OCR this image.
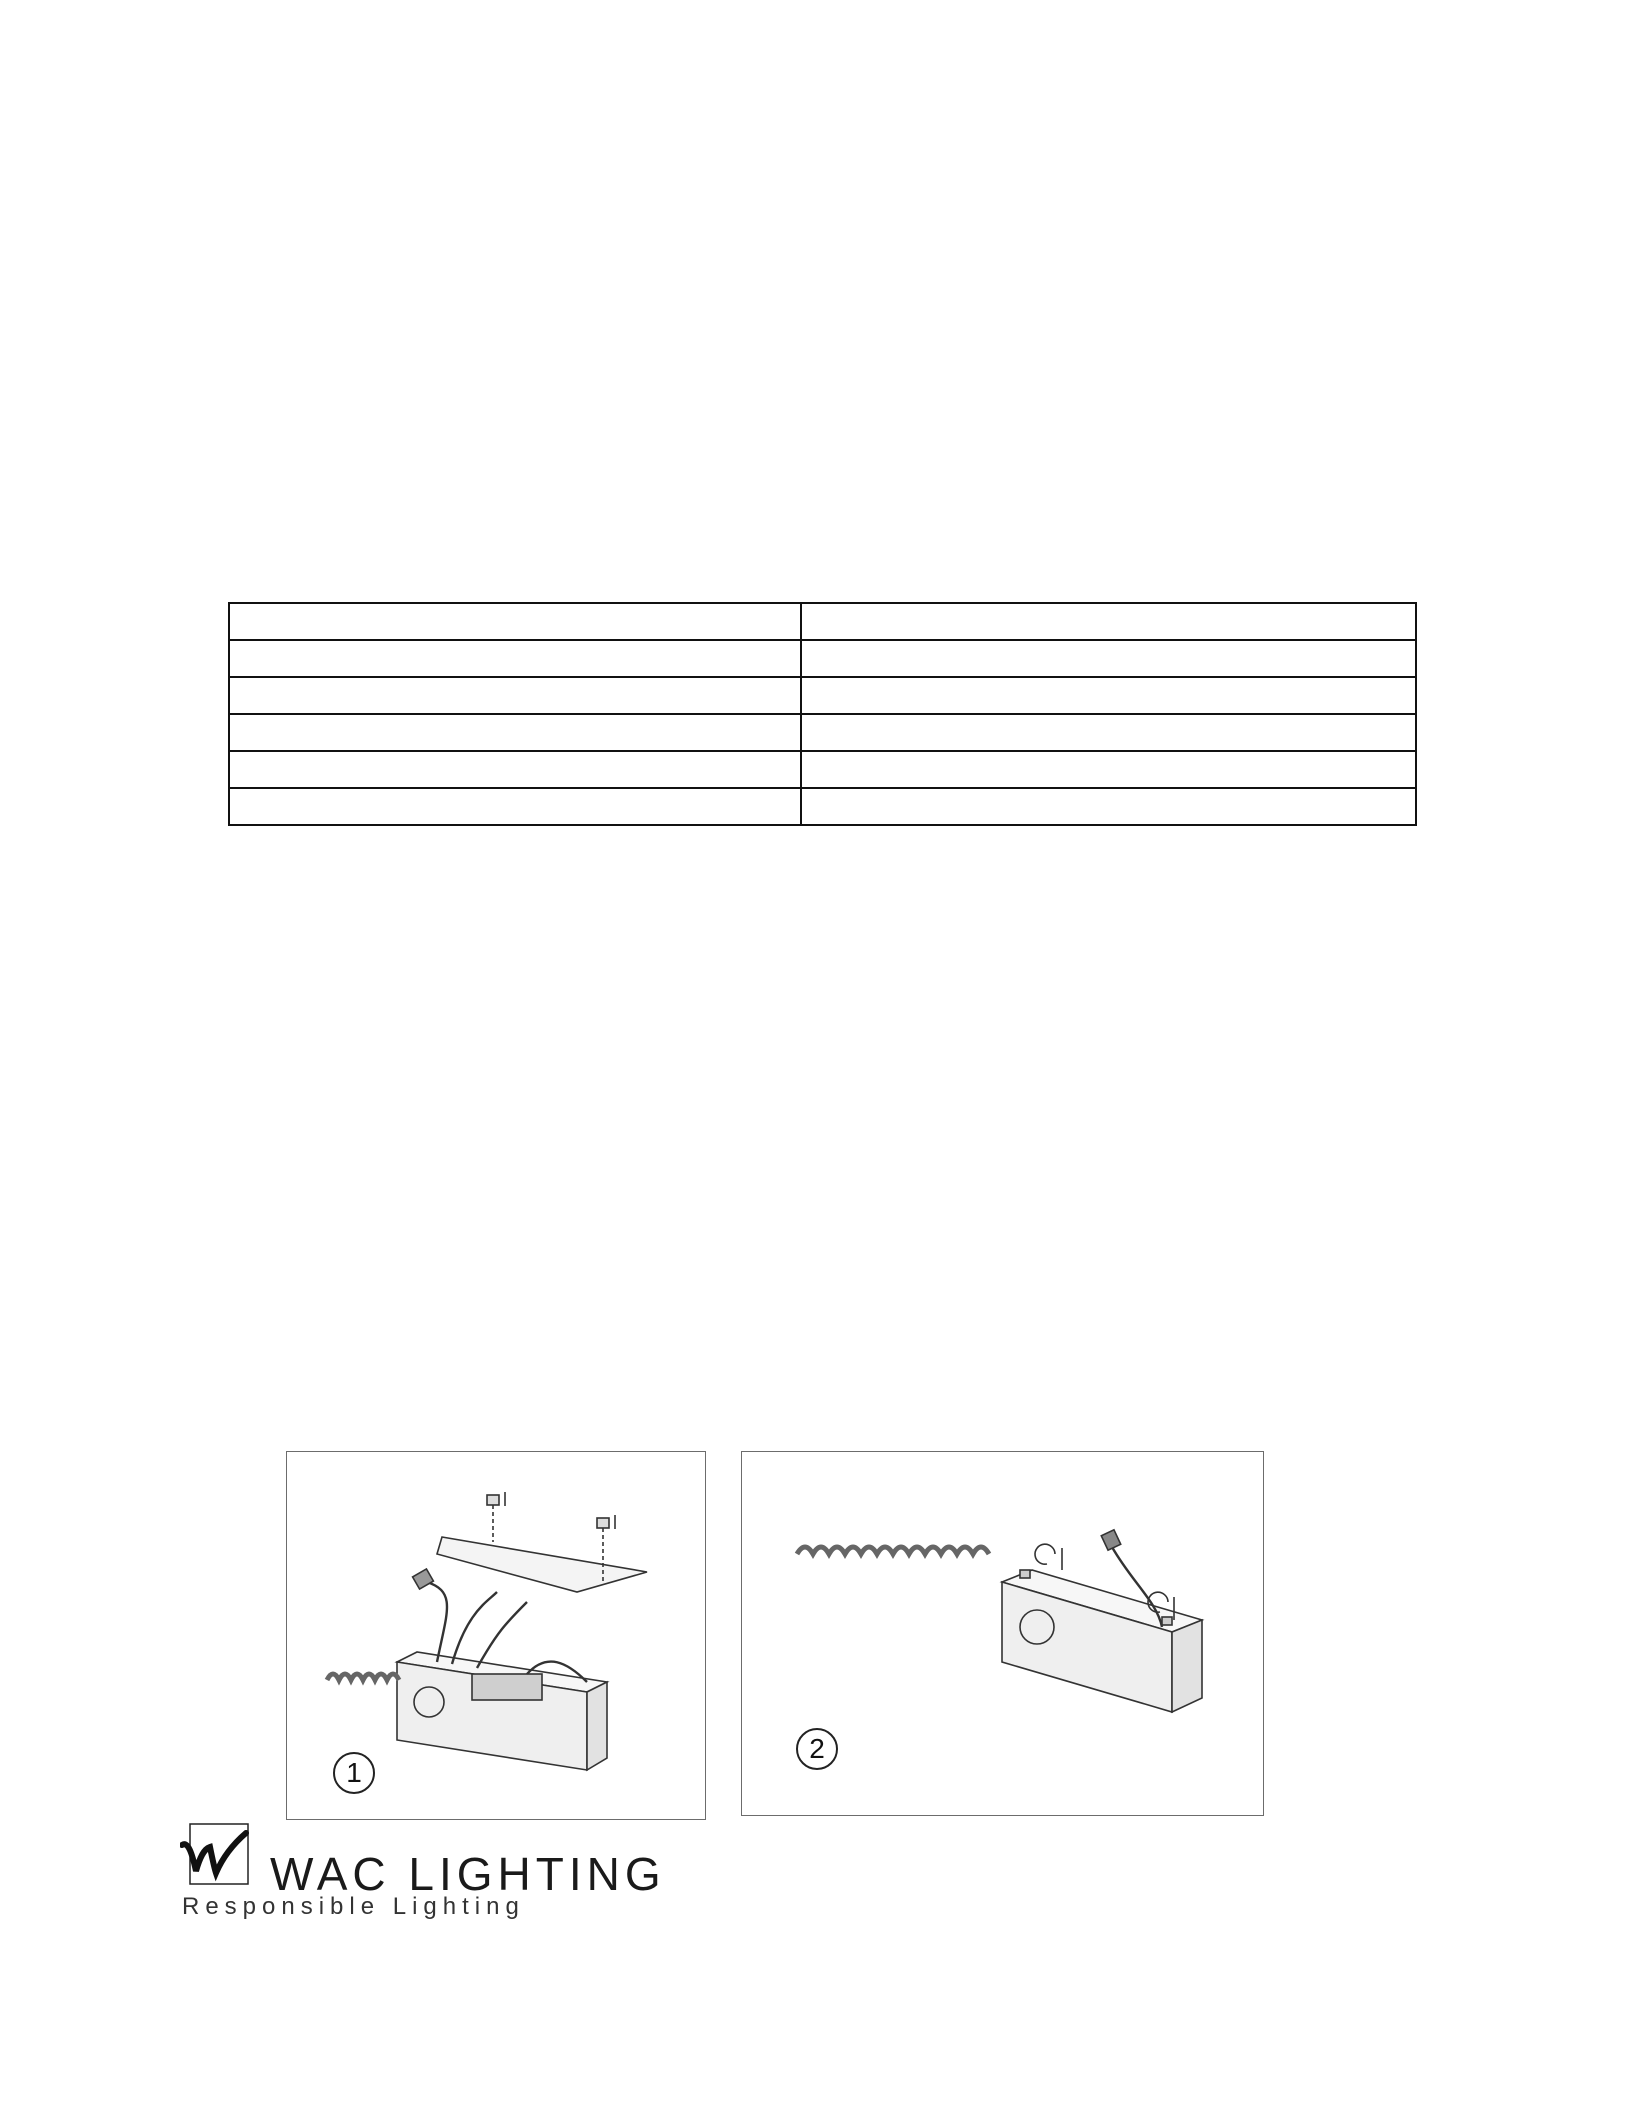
1
2
WAC LIGHTING
Responsible Lighting
